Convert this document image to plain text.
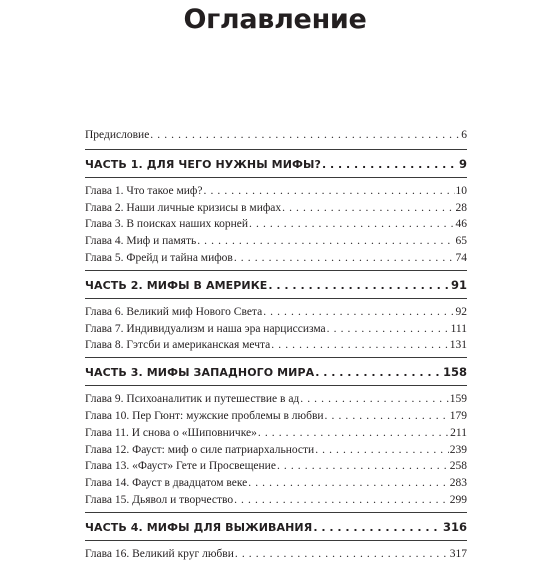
Оглавление
Предисловие . . .	6
ЧАСТЬ 1. ДЛЯ ЧЕГО НУЖНЫ МИФЫ? . . .	9
Глава 1. Что такое миф? . . .	10
Глава 2. Наши личные кризисы в мифах . . .	28
Глава 3. В поисках наших корней . . .	46
Глава 4. Миф и память . . .	65
Глава 5. Фрейд и тайна мифов . . .	74
ЧАСТЬ 2. МИФЫ В АМЕРИКЕ . . .	91
Глава 6. Великий миф Нового Света . . .	92
Глава 7. Индивидуализм и наша эра нарциссизма . . .	111
Глава 8. Гэтсби и американская мечта . . .	131
ЧАСТЬ 3. МИФЫ ЗАПАДНОГО МИРА . . .	158
Глава 9. Психоаналитик и путешествие в ад . . .	159
Глава 10. Пер Гюнт: мужские проблемы в любви . . .	179
Глава 11. И снова о «Шиповничке» . . .	211
Глава 12. Фауст: миф о силе патриархальности . . .	239
Глава 13. «Фауст» Гете и Просвещение . . .	258
Глава 14. Фауст в двадцатом веке . . .	283
Глава 15. Дьявол и творчество . . .	299
ЧАСТЬ 4. МИФЫ ДЛЯ ВЫЖИВАНИЯ . . .	316
Глава 16. Великий круг любви . . .	317
